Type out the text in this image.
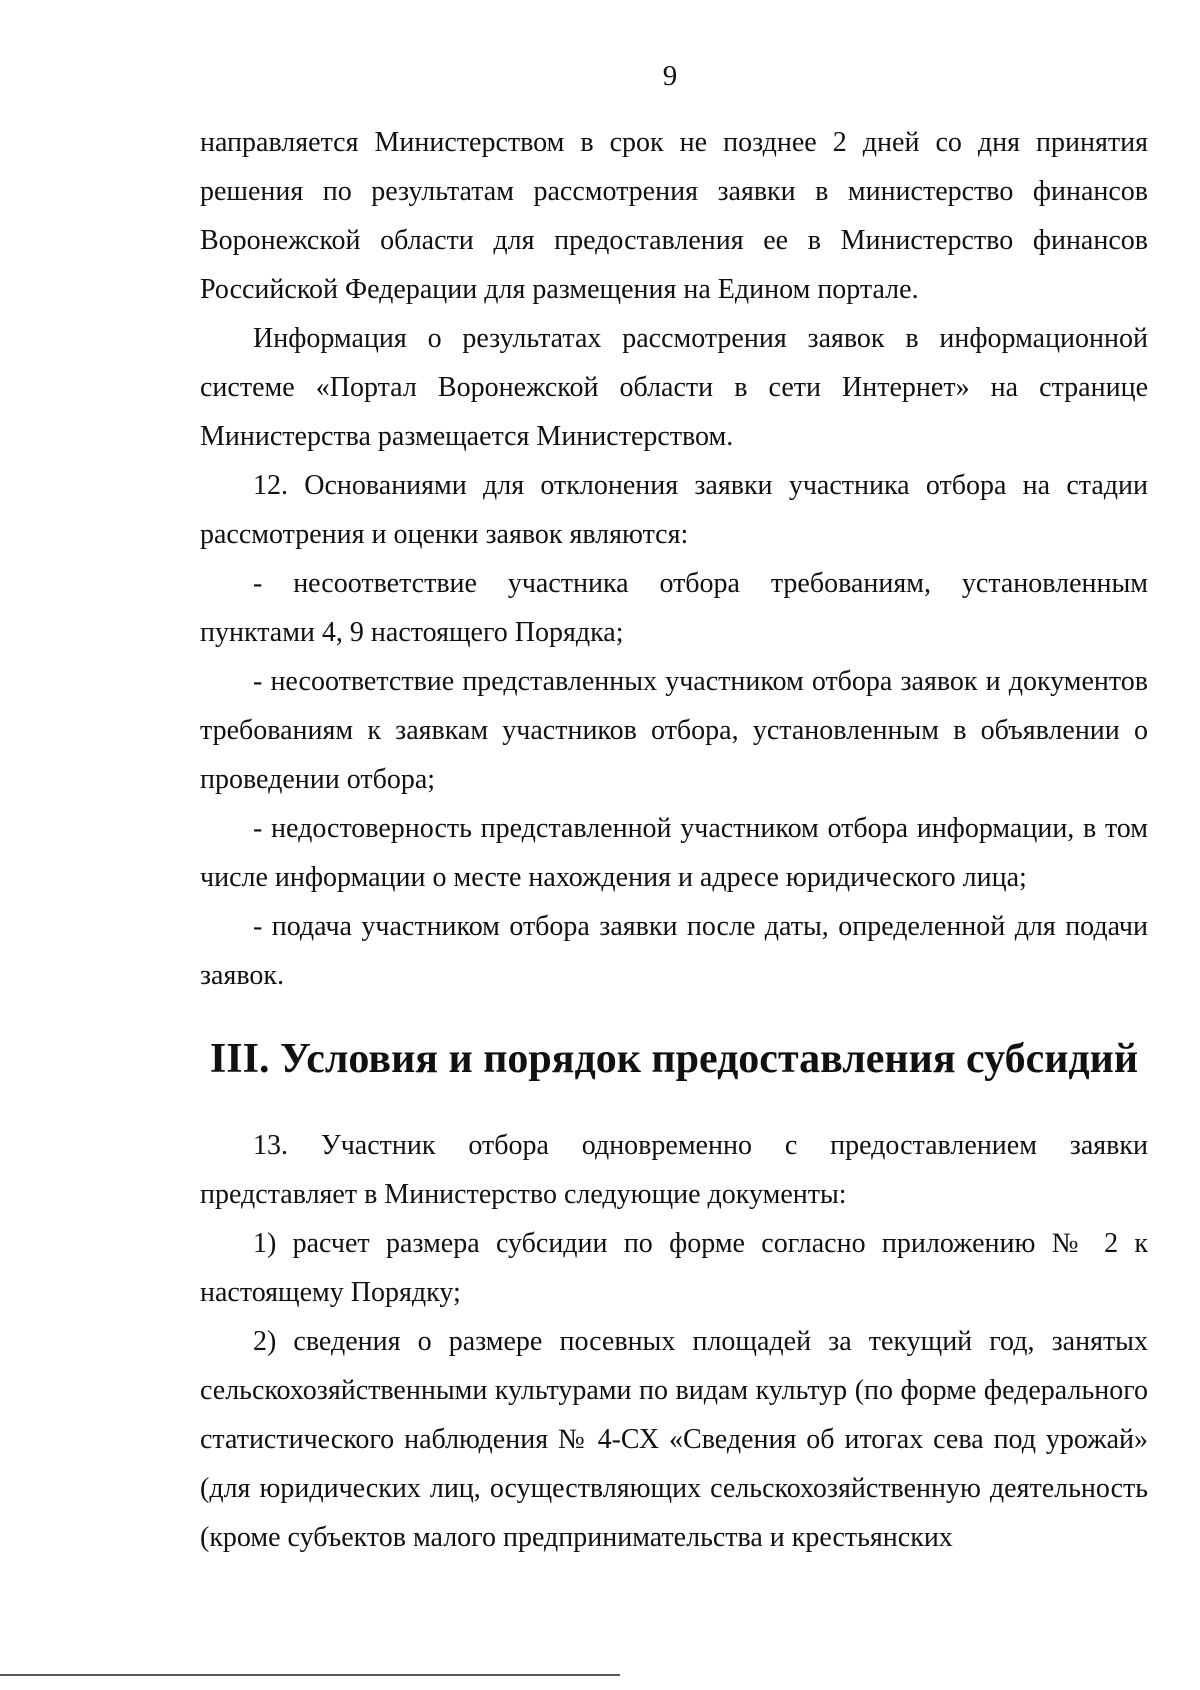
9

направляется Министерством в срок не позднее 2 дней со дня принятия решения по результатам рассмотрения заявки в министерство финансов Воронежской области для предоставления ее в Министерство финансов Российской Федерации для размещения на Едином портале.

Информация о результатах рассмотрения заявок в информационной системе «Портал Воронежской области в сети Интернет» на странице Министерства размещается Министерством.

12. Основаниями для отклонения заявки участника отбора на стадии рассмотрения и оценки заявок являются:

- несоответствие участника отбора требованиям, установленным пунктами 4, 9 настоящего Порядка;

- несоответствие представленных участником отбора заявок и документов требованиям к заявкам участников отбора, установленным в объявлении о проведении отбора;

- недостоверность представленной участником отбора информации, в том числе информации о месте нахождения и адресе юридического лица;

- подача участником отбора заявки после даты, определенной для подачи заявок.

III. Условия и порядок предоставления субсидий

13. Участник отбора одновременно с предоставлением заявки представляет в Министерство следующие документы:

1) расчет размера субсидии по форме согласно приложению № 2 к настоящему Порядку;

2) сведения о размере посевных площадей за текущий год, занятых сельскохозяйственными культурами по видам культур (по форме федерального статистического наблюдения № 4-СХ «Сведения об итогах сева под урожай» (для юридических лиц, осуществляющих сельскохозяйственную деятельность (кроме субъектов малого предпринимательства и крестьянских
